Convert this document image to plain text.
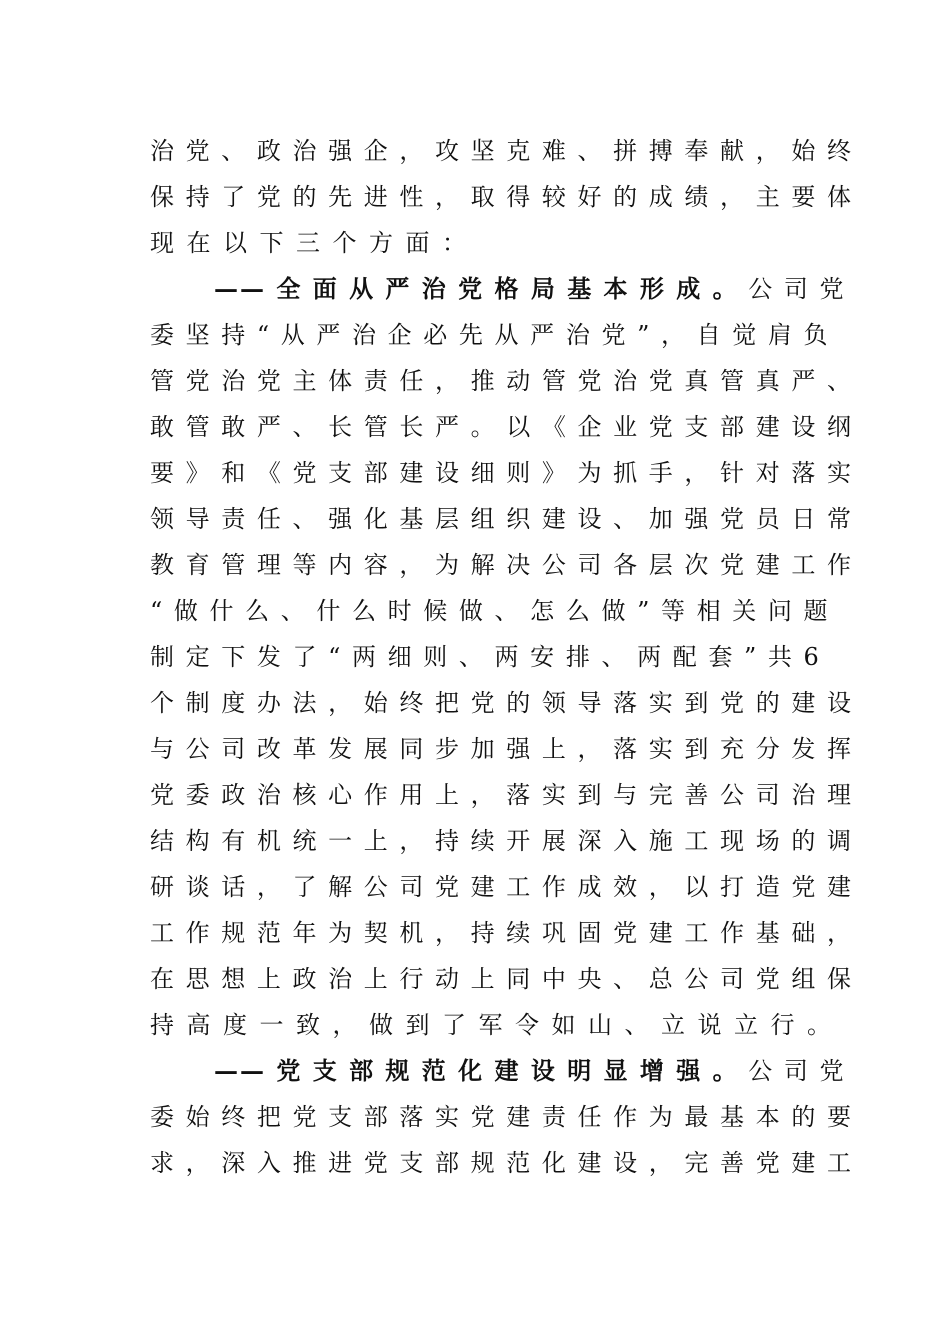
治 党 、 政 治 强 企 ， 攻 坚 克 难 、 拼 搏 奉 献 ， 始 终
保 持 了 党 的 先 进 性 ， 取 得 较 好 的 成 绩 ， 主 要 体
现在以下三个方面：
—— 全 面 从 严 治 党 格 局 基 本 形 成 。 公 司 党
委 坚 持 “ 从 严 治 企 必 先 从 严 治 党 ” ， 自 觉 肩 负
管 党 治 党 主 体 责 任 ， 推 动 管 党 治 党 真 管 真 严 、
敢 管 敢 严 、 长 管 长 严 。 以 《 企 业 党 支 部 建 设 纲
要 》 和 《 党 支 部 建 设 细 则 》 为 抓 手 ， 针 对 落 实
领 导 责 任 、 强 化 基 层 组 织 建 设 、 加 强 党 员 日 常
教 育 管 理 等 内 容 ， 为 解 决 公 司 各 层 次 党 建 工 作
“ 做 什 么 、 什 么 时 候 做 、 怎 么 做 ” 等 相 关 问 题
制 定 下 发 了 “ 两 细 则 、 两 安 排 、 两 配 套 ” 共 6
个 制 度 办 法 ， 始 终 把 党 的 领 导 落 实 到 党 的 建 设
与 公 司 改 革 发 展 同 步 加 强 上 ， 落 实 到 充 分 发 挥
党 委 政 治 核 心 作 用 上 ， 落 实 到 与 完 善 公 司 治 理
结 构 有 机 统 一 上 ， 持 续 开 展 深 入 施 工 现 场 的 调
研 谈 话 ， 了 解 公 司 党 建 工 作 成 效 ， 以 打 造 党 建
工 作 规 范 年 为 契 机 ， 持 续 巩 固 党 建 工 作 基 础 ，
在 思 想 上 政 治 上 行 动 上 同 中 央 、 总 公 司 党 组 保
持高度一致，做到了军令如山、立说立行。
—— 党 支 部 规 范 化 建 设 明 显 增 强 。 公 司 党
委 始 终 把 党 支 部 落 实 党 建 责 任 作 为 最 基 本 的 要
求 ， 深 入 推 进 党 支 部 规 范 化 建 设 ， 完 善 党 建 工
